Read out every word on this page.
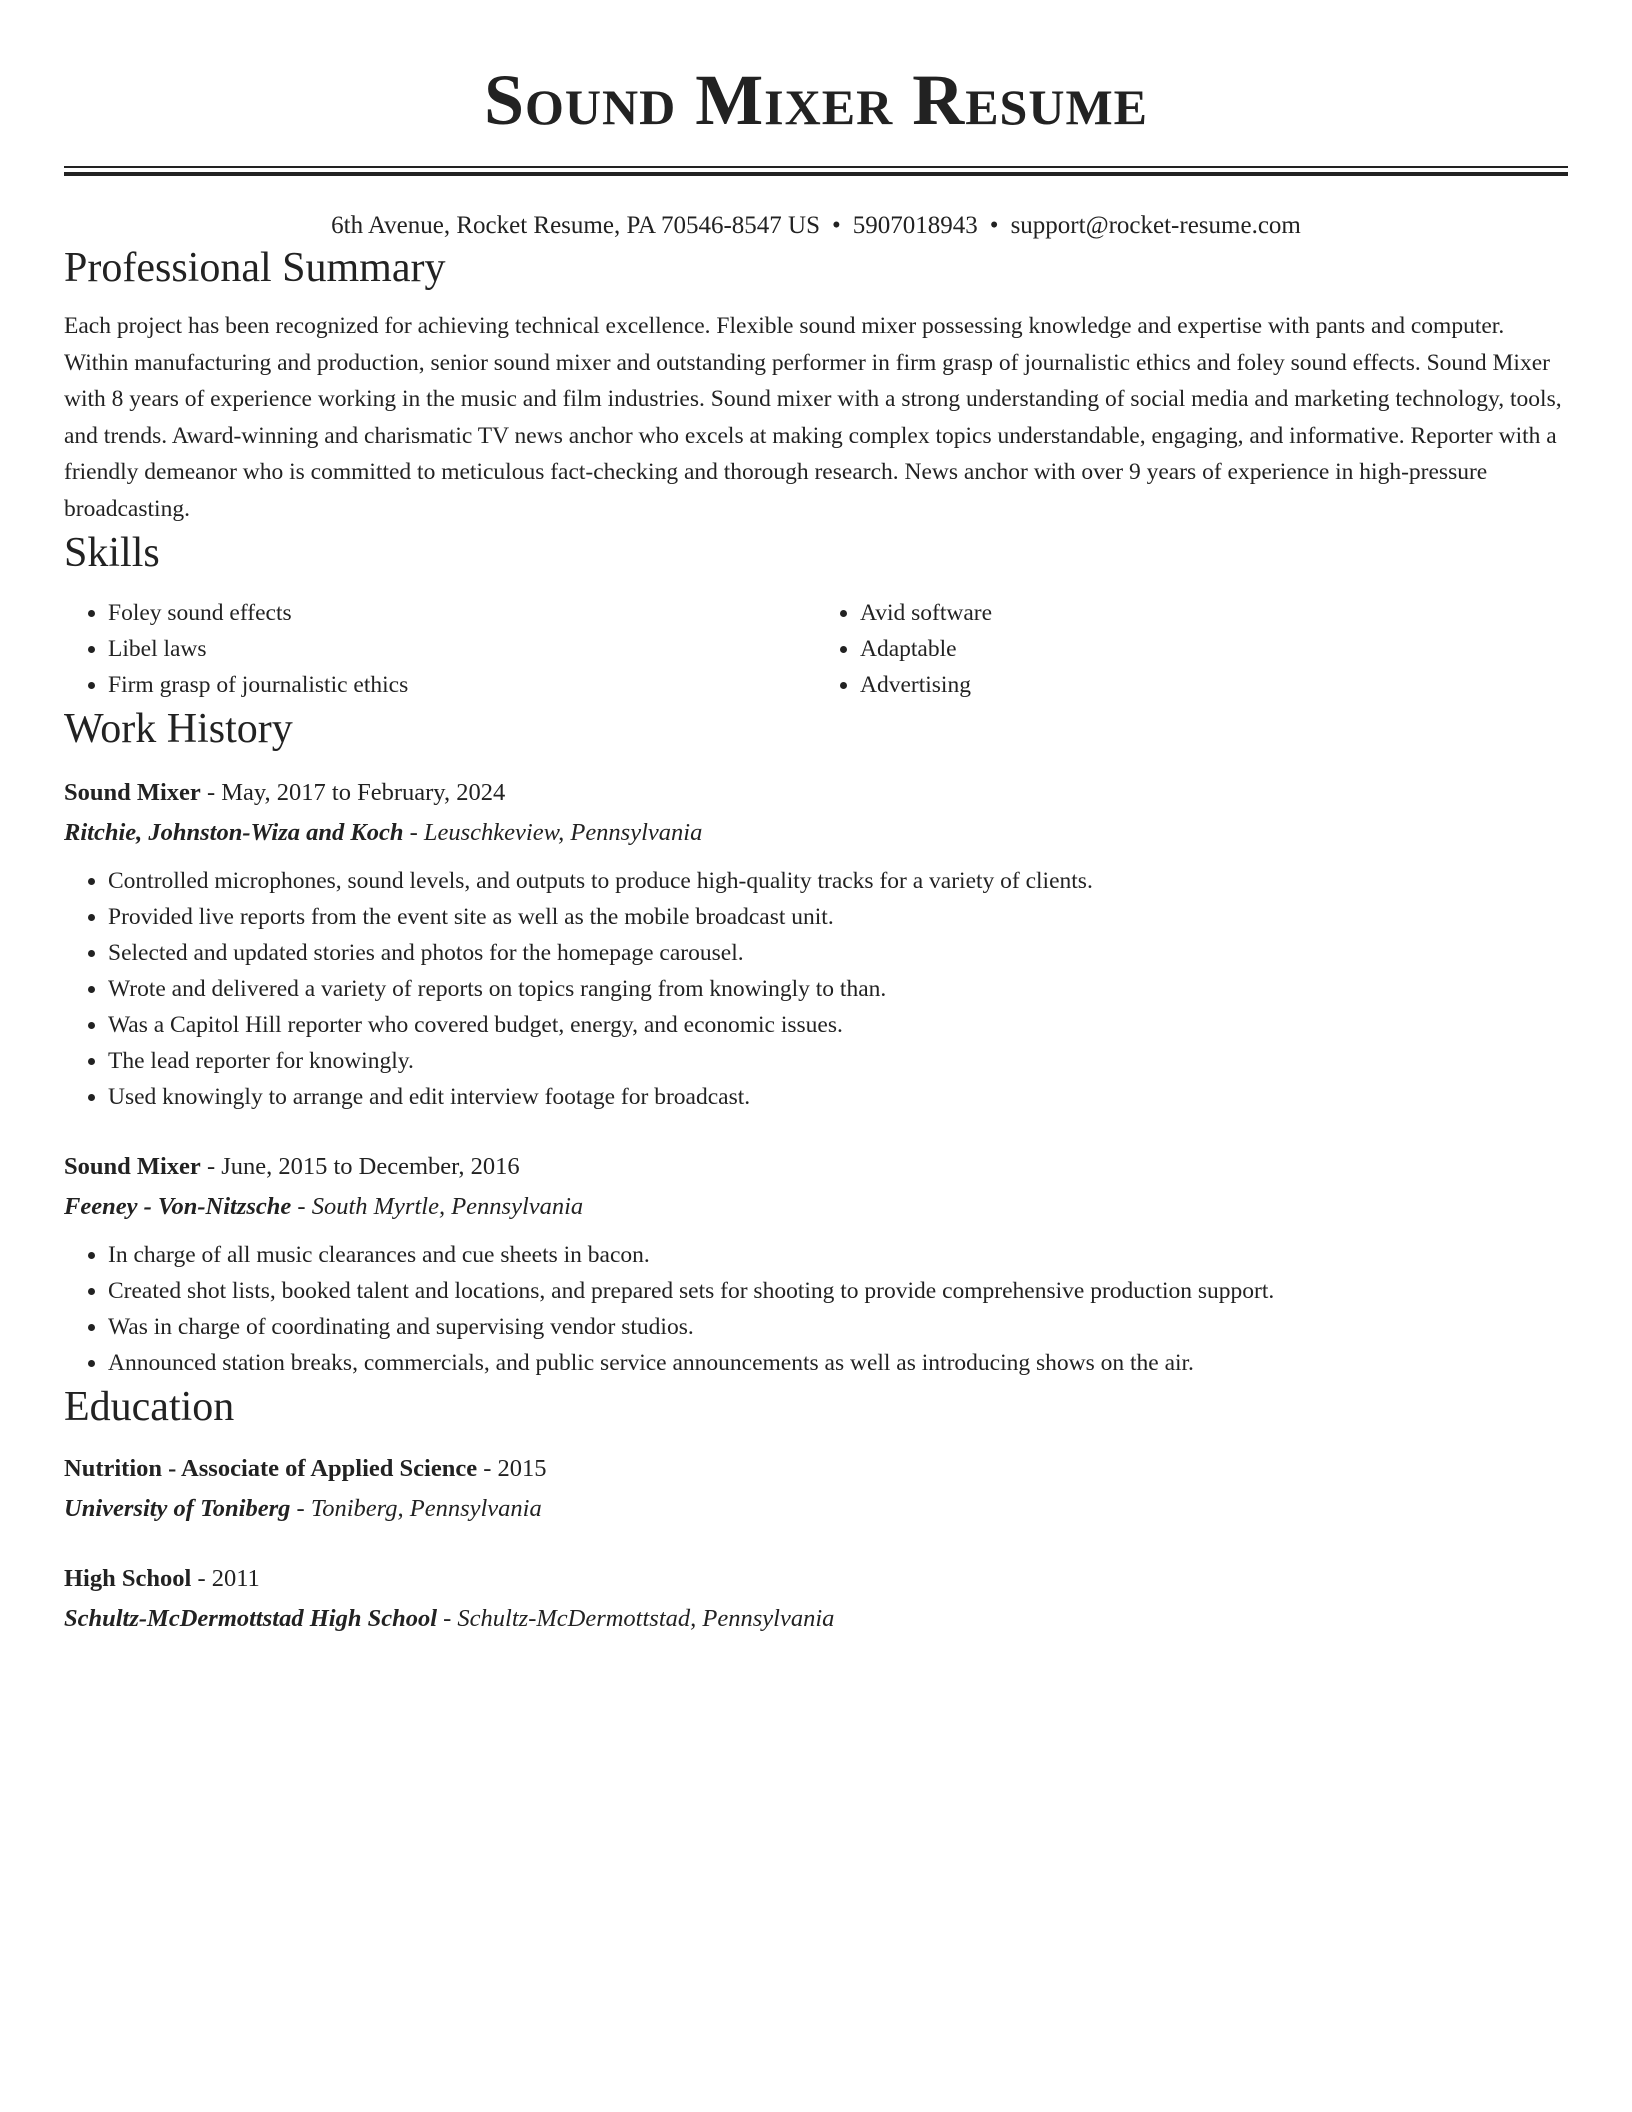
Sound Mixer Resume
6th Avenue, Rocket Resume, PA 70546-8547 US • 5907018943 • support@rocket-resume.com
Professional Summary
Each project has been recognized for achieving technical excellence. Flexible sound mixer possessing knowledge and expertise with pants and computer. Within manufacturing and production, senior sound mixer and outstanding performer in firm grasp of journalistic ethics and foley sound effects. Sound Mixer with 8 years of experience working in the music and film industries. Sound mixer with a strong understanding of social media and marketing technology, tools, and trends. Award-winning and charismatic TV news anchor who excels at making complex topics understandable, engaging, and informative. Reporter with a friendly demeanor who is committed to meticulous fact-checking and thorough research. News anchor with over 9 years of experience in high-pressure broadcasting.
Skills
• Foley sound effects
• Libel laws
• Firm grasp of journalistic ethics
• Avid software
• Adaptable
• Advertising
Work History
Sound Mixer - May, 2017 to February, 2024
Ritchie, Johnston-Wiza and Koch - Leuschkeview, Pennsylvania
• Controlled microphones, sound levels, and outputs to produce high-quality tracks for a variety of clients.
• Provided live reports from the event site as well as the mobile broadcast unit.
• Selected and updated stories and photos for the homepage carousel.
• Wrote and delivered a variety of reports on topics ranging from knowingly to than.
• Was a Capitol Hill reporter who covered budget, energy, and economic issues.
• The lead reporter for knowingly.
• Used knowingly to arrange and edit interview footage for broadcast.
Sound Mixer - June, 2015 to December, 2016
Feeney - Von-Nitzsche - South Myrtle, Pennsylvania
• In charge of all music clearances and cue sheets in bacon.
• Created shot lists, booked talent and locations, and prepared sets for shooting to provide comprehensive production support.
• Was in charge of coordinating and supervising vendor studios.
• Announced station breaks, commercials, and public service announcements as well as introducing shows on the air.
Education
Nutrition - Associate of Applied Science - 2015
University of Toniberg - Toniberg, Pennsylvania
High School - 2011
Schultz-McDermottstad High School - Schultz-McDermottstad, Pennsylvania
